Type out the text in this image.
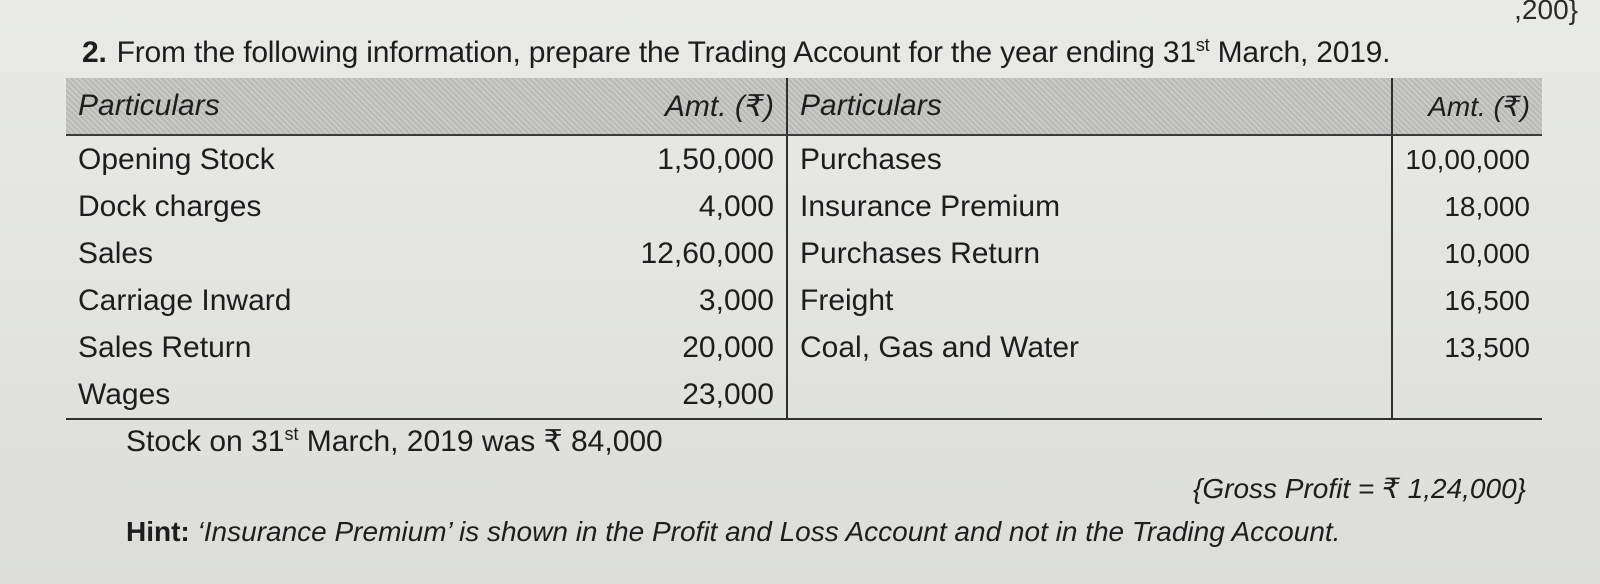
,200}
2. From the following information, prepare the Trading Account for the year ending 31st March, 2019.
Particulars	Amt. (₹)	Particulars	Amt. (₹)
Opening Stock	1,50,000	Purchases	10,00,000
Dock charges	4,000	Insurance Premium	18,000
Sales	12,60,000	Purchases Return	10,000
Carriage Inward	3,000	Freight	16,500
Sales Return	20,000	Coal, Gas and Water	13,500
Wages	23,000		
Stock on 31st March, 2019 was ₹ 84,000
{Gross Profit = ₹ 1,24,000}
Hint: ‘Insurance Premium’ is shown in the Profit and Loss Account and not in the Trading Account.
